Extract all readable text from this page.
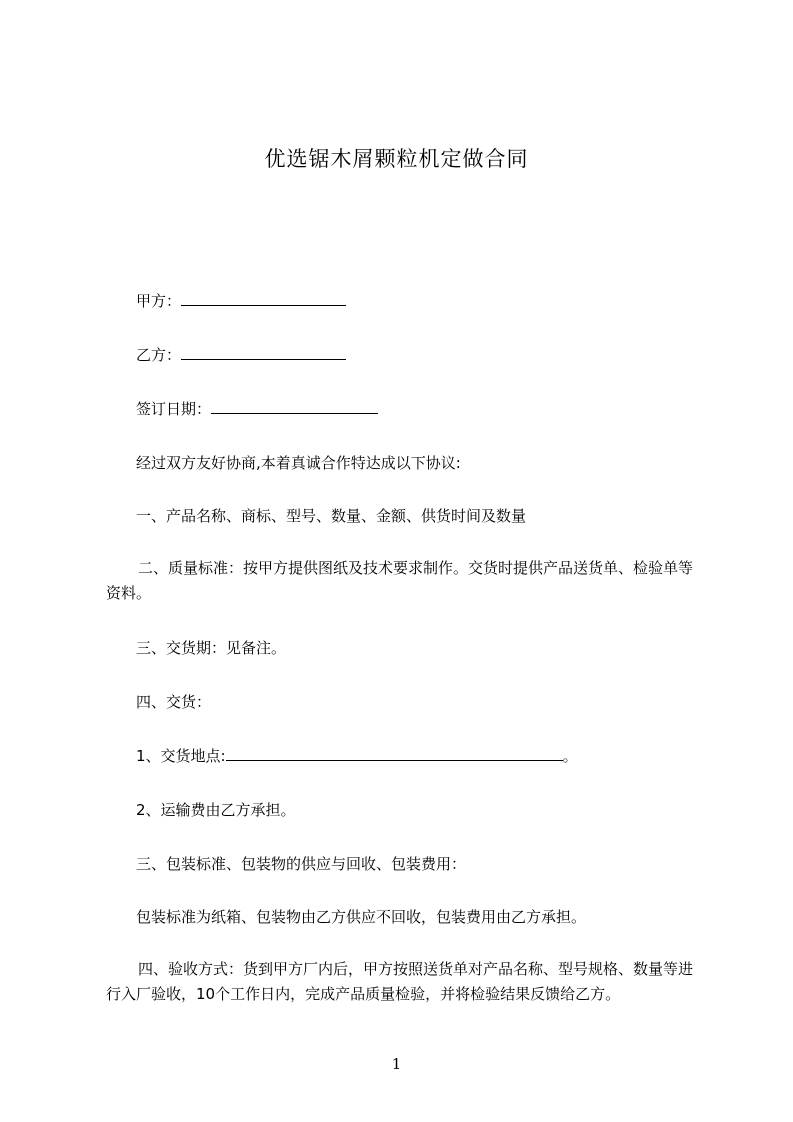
优选锯木屑颗粒机定做合同
甲方：
乙方：
签订日期：
经过双方友好协商,本着真诚合作特达成以下协议:
一、产品名称、商标、型号、数量、金额、供货时间及数量
二、质量标准：按甲方提供图纸及技术要求制作。交货时提供产品送货单、检验单等资料。
三、交货期：见备注。
四、交货：
1、交货地点:	。
2、运输费由乙方承担。
三、包装标准、包装物的供应与回收、包装费用：
包装标准为纸箱、包装物由乙方供应不回收，包装费用由乙方承担。
四、验收方式：货到甲方厂内后，甲方按照送货单对产品名称、型号规格、数量等进行入厂验收，10个工作日内，完成产品质量检验，并将检验结果反馈给乙方。
1
